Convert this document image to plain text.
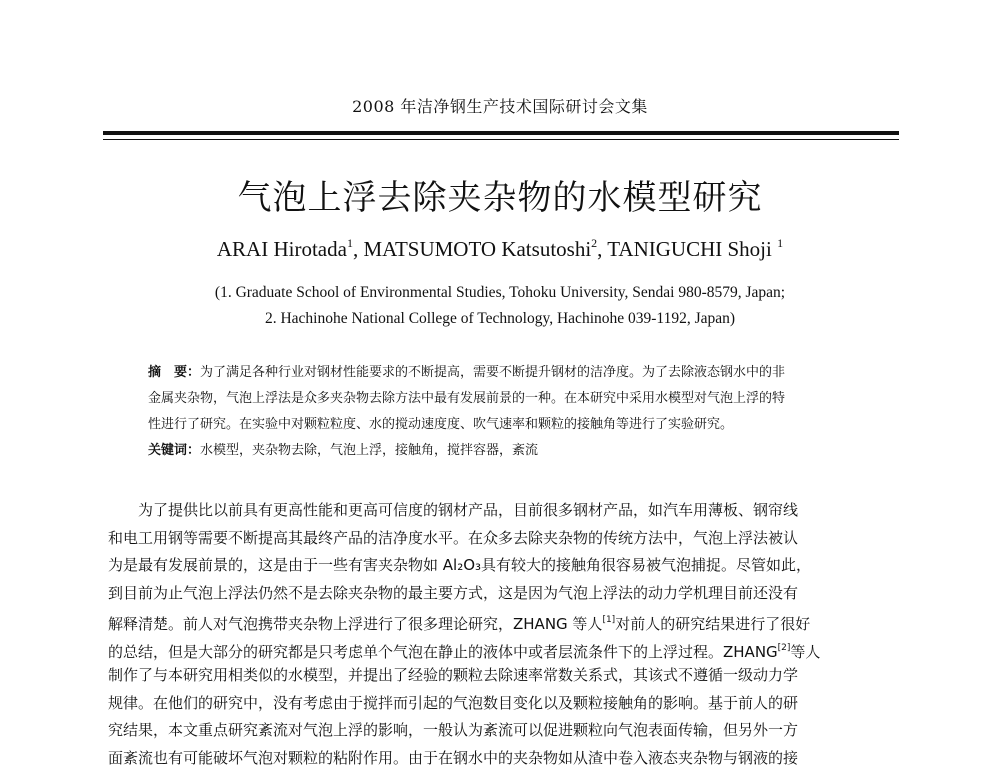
2008 年洁净钢生产技术国际研讨会文集
气泡上浮去除夹杂物的水模型研究
ARAI Hirotada$^1$, MATSUMOTO Katsutoshi$^2$, TANIGUCHI Shoji $^1$
(1. Graduate School of Environmental Studies, Tohoku University, Sendai 980-8579, Japan;
2. Hachinohe National College of Technology, Hachinohe 039-1192, Japan)
摘　要：为了满足各种行业对钢材性能要求的不断提高，需要不断提升钢材的洁净度。为了去除液态钢水中的非
金属夹杂物，气泡上浮法是众多夹杂物去除方法中最有发展前景的一种。在本研究中采用水模型对气泡上浮的特
性进行了研究。在实验中对颗粒粒度、水的搅动速度度、吹气速率和颗粒的接触角等进行了实验研究。
关键词：水模型，夹杂物去除，气泡上浮，接触角，搅拌容器，紊流
为了提供比以前具有更高性能和更高可信度的钢材产品，目前很多钢材产品，如汽车用薄板、钢帘线
和电工用钢等需要不断提高其最终产品的洁净度水平。在众多去除夹杂物的传统方法中，气泡上浮法被认
为是最有发展前景的，这是由于一些有害夹杂物如 Al₂O₃具有较大的接触角很容易被气泡捕捉。尽管如此，
到目前为止气泡上浮法仍然不是去除夹杂物的最主要方式，这是因为气泡上浮法的动力学机理目前还没有
解释清楚。前人对气泡携带夹杂物上浮进行了很多理论研究，ZHANG 等人[1]对前人的研究结果进行了很好
的总结，但是大部分的研究都是只考虑单个气泡在静止的液体中或者层流条件下的上浮过程。ZHANG[2]等人
制作了与本研究用相类似的水模型，并提出了经验的颗粒去除速率常数关系式，其该式不遵循一级动力学
规律。在他们的研究中，没有考虑由于搅拌而引起的气泡数目变化以及颗粒接触角的影响。基于前人的研
究结果，本文重点研究紊流对气泡上浮的影响，一般认为紊流可以促进颗粒向气泡表面传输，但另外一方
面紊流也有可能破坏气泡对颗粒的粘附作用。由于在钢水中的夹杂物如从渣中卷入液态夹杂物与钢液的接
